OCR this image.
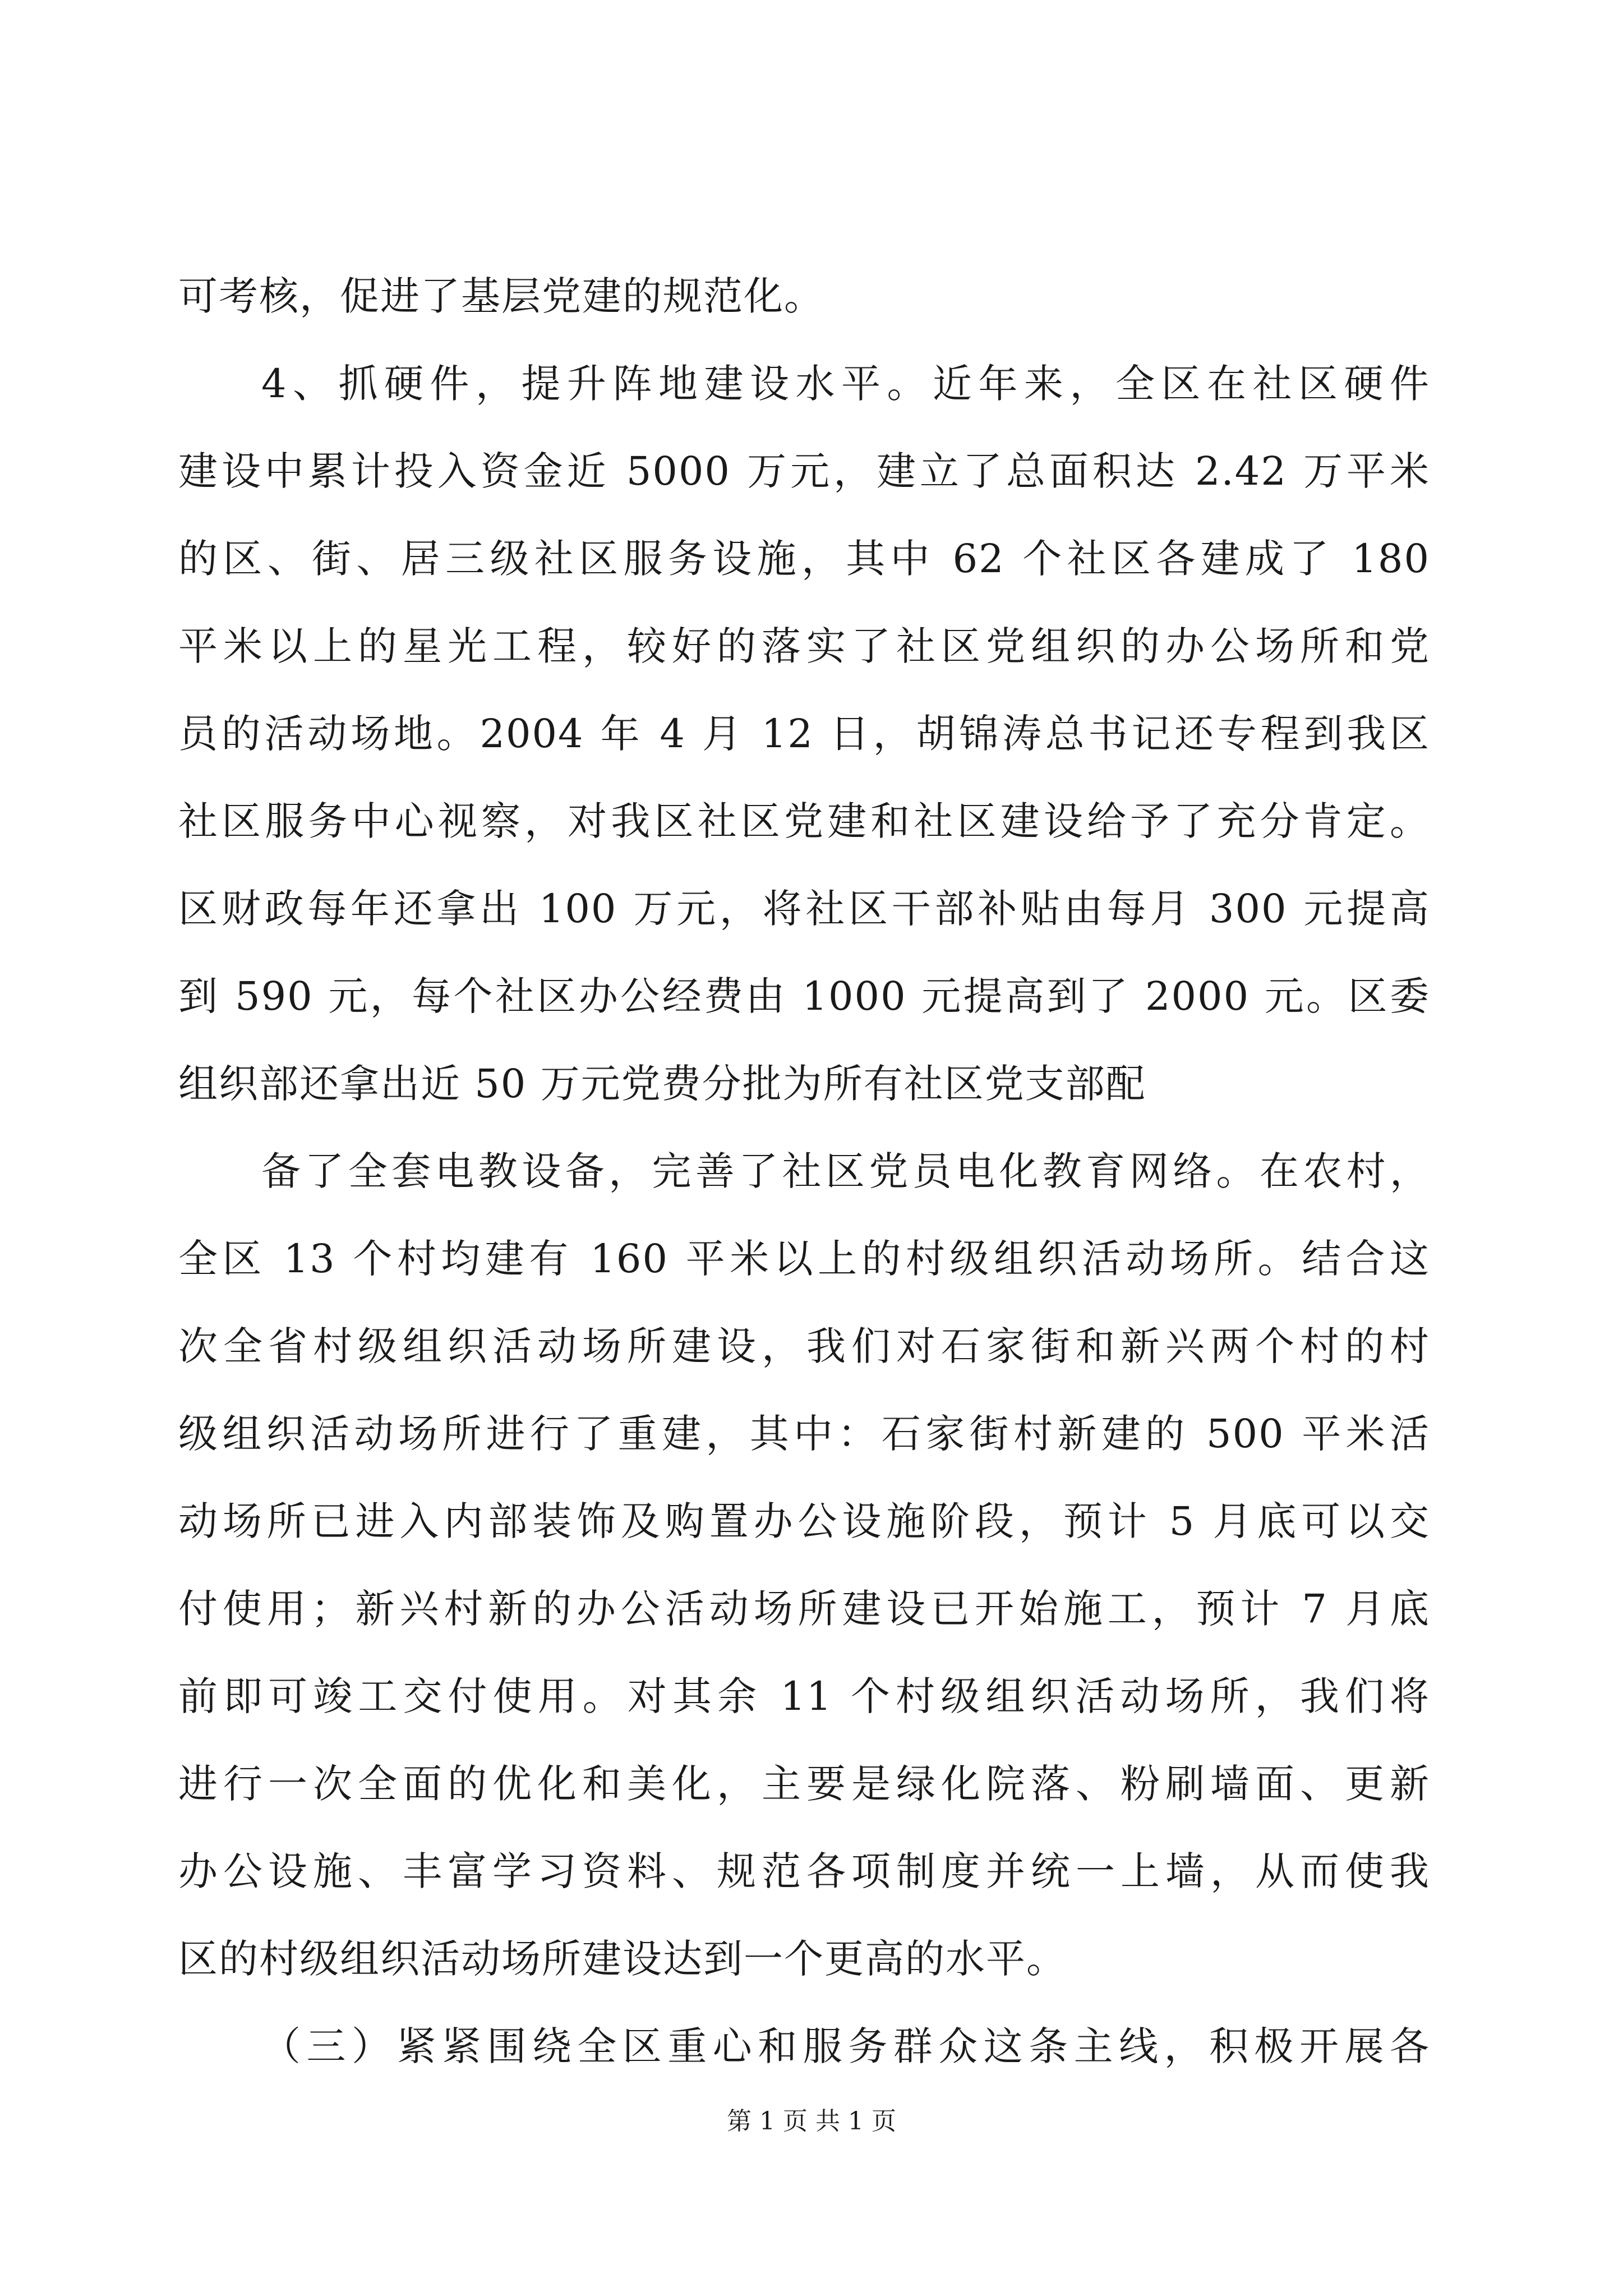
可考核，促进了基层党建的规范化。
4、抓硬件，提升阵地建设水平。近年来，全区在社区硬件
建设中累计投入资金近 5000 万元，建立了总面积达 2.42 万平米
的区、街、居三级社区服务设施，其中 62 个社区各建成了 180
平米以上的星光工程，较好的落实了社区党组织的办公场所和党
员的活动场地。2004 年 4 月 12 日，胡锦涛总书记还专程到我区
社区服务中心视察，对我区社区党建和社区建设给予了充分肯定。
区财政每年还拿出 100 万元，将社区干部补贴由每月 300 元提高
到 590 元，每个社区办公经费由 1000 元提高到了 2000 元。区委
组织部还拿出近 50 万元党费分批为所有社区党支部配
备了全套电教设备，完善了社区党员电化教育网络。在农村，
全区 13 个村均建有 160 平米以上的村级组织活动场所。结合这
次全省村级组织活动场所建设，我们对石家街和新兴两个村的村
级组织活动场所进行了重建，其中：石家街村新建的 500 平米活
动场所已进入内部装饰及购置办公设施阶段，预计 5 月底可以交
付使用；新兴村新的办公活动场所建设已开始施工，预计 7 月底
前即可竣工交付使用。对其余 11 个村级组织活动场所，我们将
进行一次全面的优化和美化，主要是绿化院落、粉刷墙面、更新
办公设施、丰富学习资料、规范各项制度并统一上墙，从而使我
区的村级组织活动场所建设达到一个更高的水平。
（三）紧紧围绕全区重心和服务群众这条主线，积极开展各
第 1 页 共 1 页
